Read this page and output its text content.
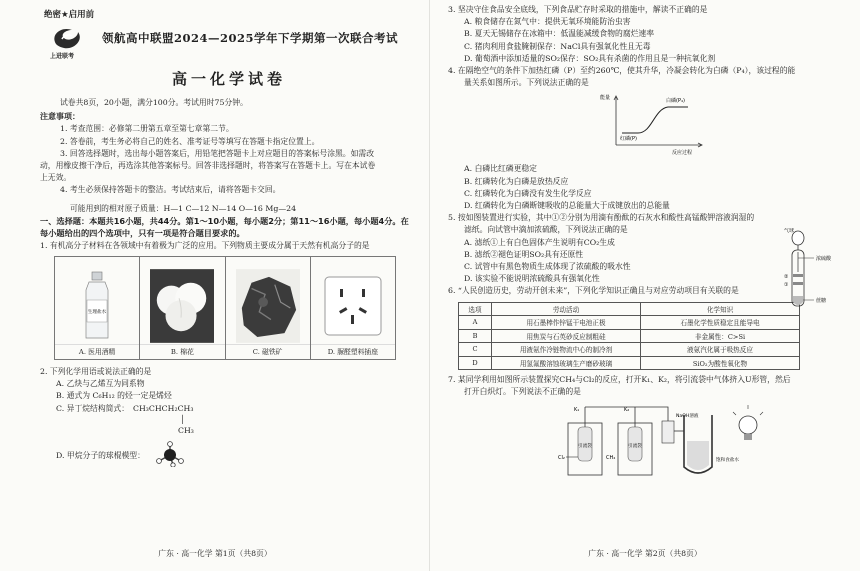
绝密★启用前
上进联考
领航高中联盟2024—2025学年下学期第一次联合考试
高一化学试卷
试卷共8页，20小题，满分100分。考试用时75分钟。
注意事项：
1. 考查范围：必修第二册第五章至第七章第二节。
2. 答卷前，考生务必将自己的姓名、准考证号等填写在答题卡指定位置上。
3. 回答选择题时，选出每小题答案后，用铅笔把答题卡上对应题目的答案标号涂黑。如需改
动，用橡皮擦干净后，再选涂其他答案标号。回答非选择题时，将答案写在答题卡上。写在本试卷
上无效。
4. 考生必须保持答题卡的整洁。考试结束后，请将答题卡交回。
可能用到的相对原子质量：H—1 C—12 N—14 O—16 Mg—24
一、选择题：本题共16小题，共44分。第1～10小题，每小题2分；第11～16小题，每小题4分。在
每小题给出的四个选项中，只有一项是符合题目要求的。
1. 有机高分子材料在各领域中有着极为广泛的应用。下列物质主要成分属于天然有机高分子的是
生理盐水
A. 医用酒精	B. 棉花	C. 磁铁矿	D. 脲醛塑料插座
2. 下列化学用语或说法正确的是
A. 乙炔与乙烯互为同系物
B. 通式为 C₆H₁₂ 的烃一定是烯烃
C. 异丁烷结构简式： CH₃CHCH₂CH₃
│
CH₃
D. 甲烷分子的球棍模型：
广东 · 高一化学 第1页（共8页）
3. 坚决守住食品安全底线，下列食品贮存时采取的措施中，解读不正确的是
A. 粮食储存在氮气中：提供无氧环境能防治虫害
B. 夏天无锡储存在冰箱中：低温能减缓食物的腐烂速率
C. 猪肉利用食盐腌制保存：NaCl具有强氧化性且无毒
D. 葡萄酒中添加适量的SO₂保存：SO₂具有杀菌的作用且是一种抗氧化剂
4. 在隔绝空气的条件下加热红磷（P）至约260℃，使其升华，冷凝会转化为白磷（P₄），该过程的能
量关系如图所示。下列说法正确的是
能量	白磷(P₄)
红磷(P)
反应过程
A. 白磷比红磷更稳定
B. 红磷转化为白磷是放热反应
C. 红磷转化为白磷没有发生化学反应
D. 红磷转化为白磷断键吸收的总能量大于成键放出的总能量
5. 按如图装置进行实验，其中①②分别为用滴有酚酞的石灰水和酸性高锰酸钾溶液润湿的
滤纸。向试管中滴加浓硫酸，下列说法正确的是
A. 滤纸①上有白色固体产生说明有CO₂生成
B. 滤纸②褪色证明SO₂具有还原性
C. 试管中有黑色物质生成体现了浓硫酸的吸水性
D. 该实验不能说明浓硫酸具有强氧化性
气球
浓硫酸
②
①
蔗糖
6. “人民创造历史，劳动开创未来”，下列化学知识正确且与对应劳动项目有关联的是
选项	劳动活动	化学知识
A	用石墨棒作锌锰干电池正极	石墨化学性质稳定且能导电
B	用焦炭与石英砂反应制粗硅	非金属性：C>Si
C	用液氨作冷链物流中心的制冷剂	液氨汽化属于吸热反应
D	用氢氟酸溶蚀玻璃生产磨砂玻璃	SiO₂为酸性氧化物
7. 某同学利用如图所示装置探究CH₄与Cl₂的反应，打开K₁、K₂，将引流袋中气体挤入U形管，然后
打开白炽灯。下列说法不正确的是
引流袋
K₁
Cl₂
引流袋
K₂
CH₄
NaOH溶液
饱和食盐水
广东 · 高一化学 第2页（共8页）
